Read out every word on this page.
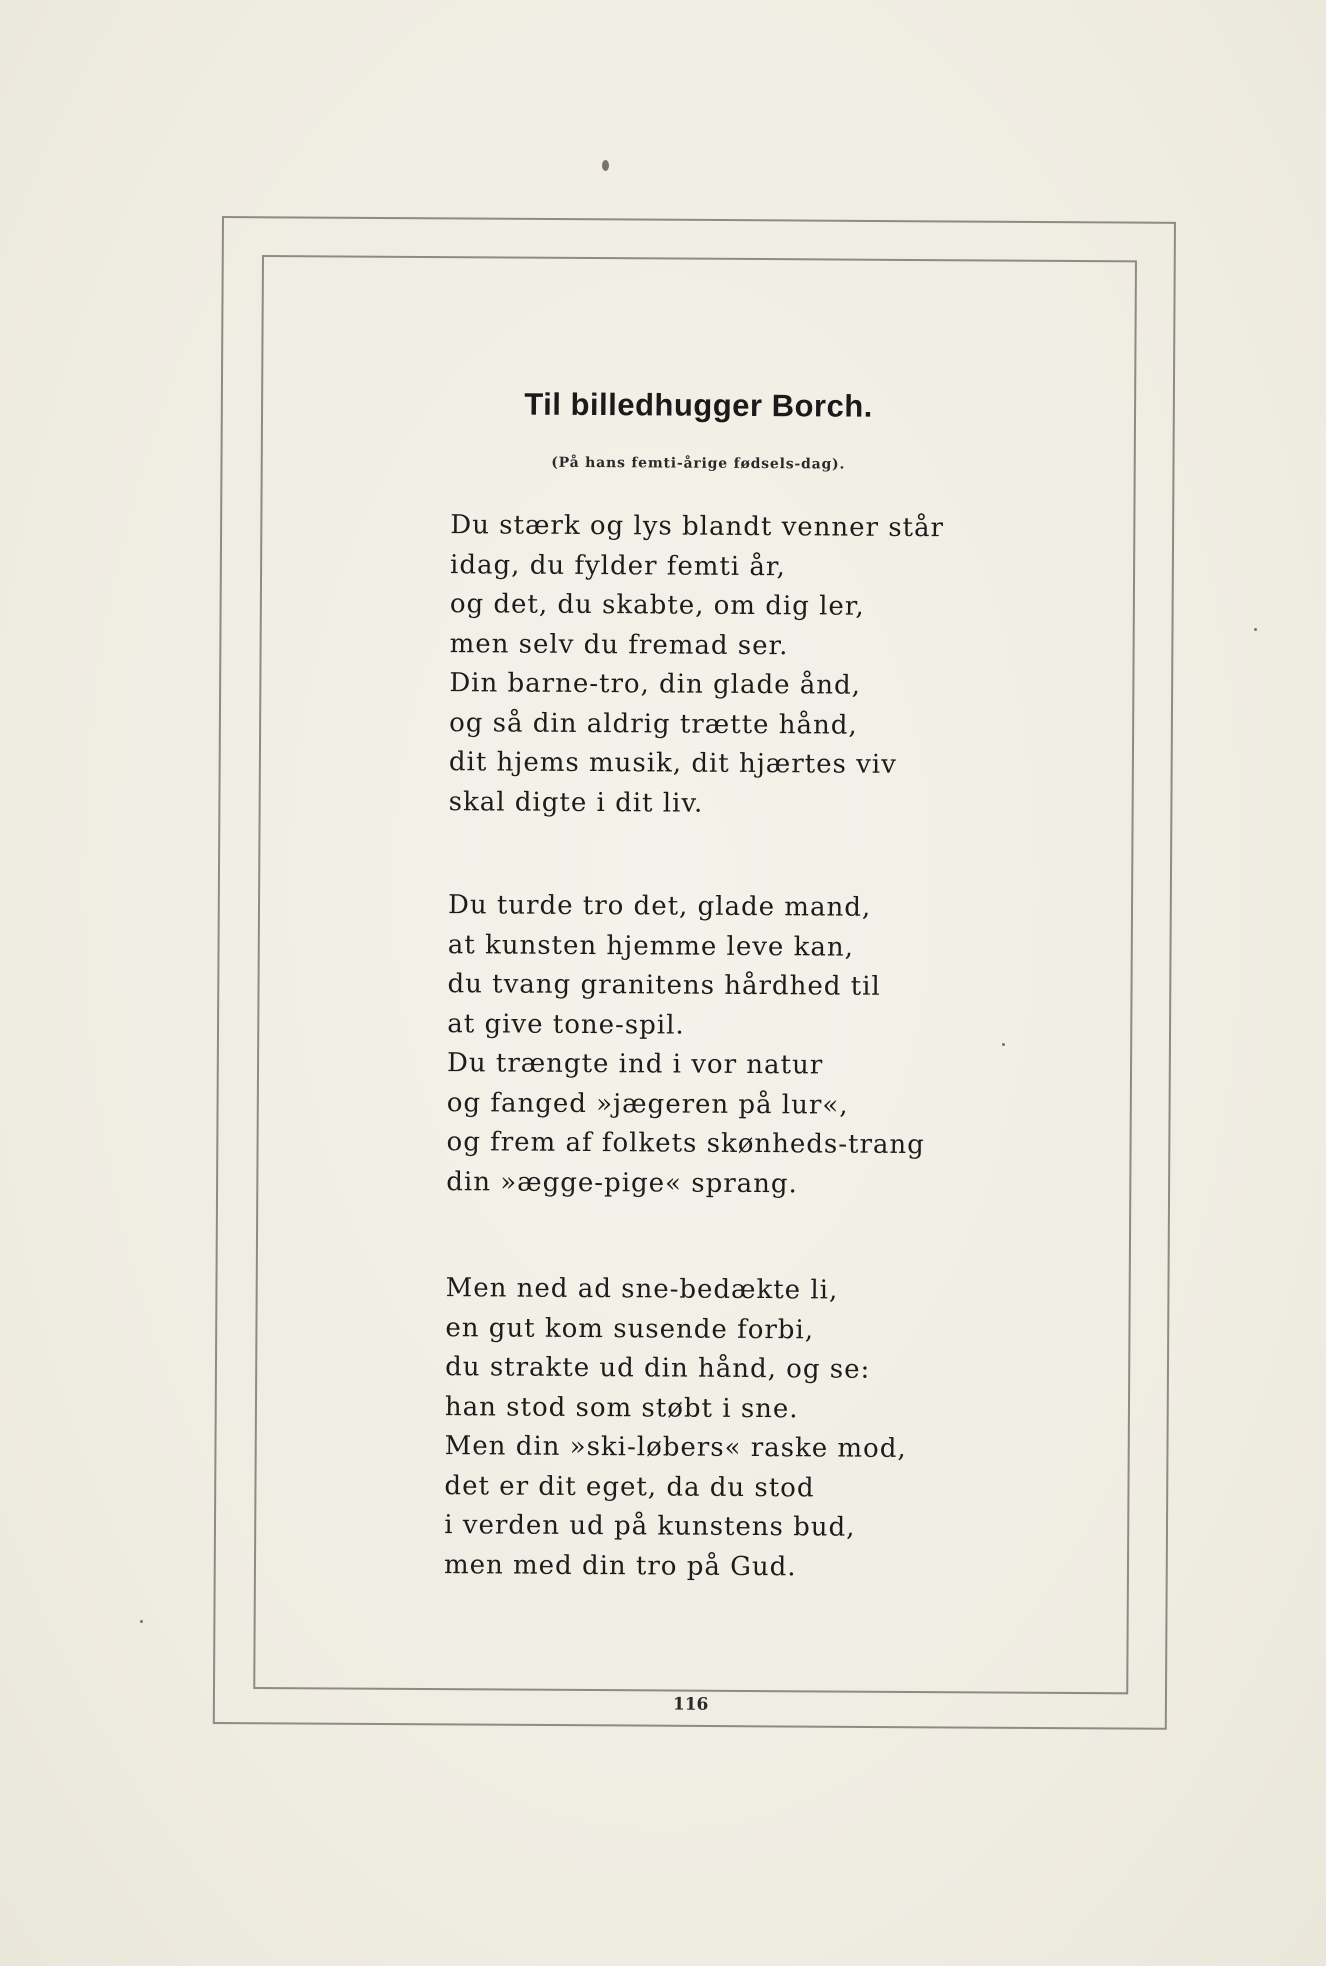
Til billedhugger Borch.
(På hans femti-årige fødsels-dag).
Du stærk og lys blandt venner står
idag, du fylder femti år,
og det, du skabte, om dig ler,
men selv du fremad ser.
Din barne-tro, din glade ånd,
og så din aldrig trætte hånd,
dit hjems musik, dit hjærtes viv
skal digte i dit liv.
Du turde tro det, glade mand,
at kunsten hjemme leve kan,
du tvang granitens hårdhed til
at give tone-spil.
Du trængte ind i vor natur
og fanged »jægeren på lur«,
og frem af folkets skønheds-trang
din »ægge-pige« sprang.
Men ned ad sne-bedækte li,
en gut kom susende forbi,
du strakte ud din hånd, og se:
han stod som støbt i sne.
Men din »ski-løbers« raske mod,
det er dit eget, da du stod
i verden ud på kunstens bud,
men med din tro på Gud.
116
